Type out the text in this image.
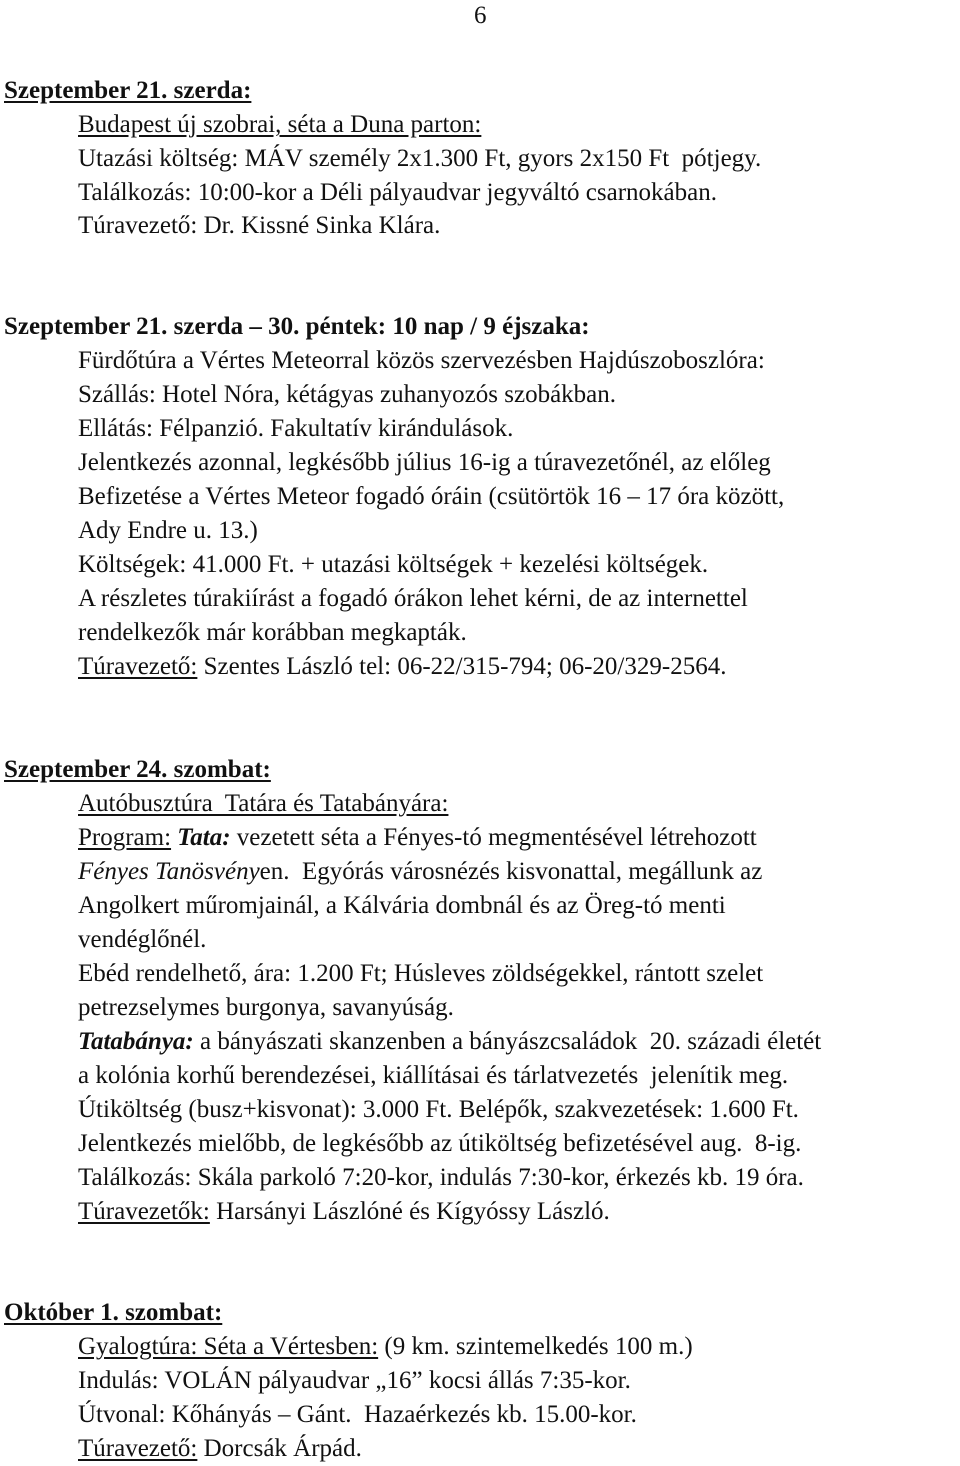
6
Szeptember 21. szerda:
Budapest új szobrai, séta a Duna parton:
Utazási költség: MÁV személy 2x1.300 Ft, gyors 2x150 Ft  pótjegy.
Találkozás: 10:00-kor a Déli pályaudvar jegyváltó csarnokában.
Túravezető: Dr. Kissné Sinka Klára.
Szeptember 21. szerda – 30. péntek: 10 nap / 9 éjszaka:
Fürdőtúra a Vértes Meteorral közös szervezésben Hajdúszoboszlóra:
Szállás: Hotel Nóra, kétágyas zuhanyozós szobákban.
Ellátás: Félpanzió. Fakultatív kirándulások.
Jelentkezés azonnal, legkésőbb július 16-ig a túravezetőnél, az előleg
Befizetése a Vértes Meteor fogadó óráin (csütörtök 16 – 17 óra között,
Ady Endre u. 13.)
Költségek: 41.000 Ft. + utazási költségek + kezelési költségek.
A részletes túrakiírást a fogadó órákon lehet kérni, de az internettel
rendelkezők már korábban megkapták.
Túravezető: Szentes László tel: 06-22/315-794; 06-20/329-2564.
Szeptember 24. szombat:
Autóbusztúra  Tatára és Tatabányára:
Program: Tata: vezetett séta a Fényes-tó megmentésével létrehozott
Fényes Tanösvényen.  Egyórás városnézés kisvonattal, megállunk az
Angolkert műromjainál, a Kálvária dombnál és az Öreg-tó menti
vendéglőnél.
Ebéd rendelhető, ára: 1.200 Ft; Húsleves zöldségekkel, rántott szelet
petrezselymes burgonya, savanyúság.
Tatabánya: a bányászati skanzenben a bányászcsaládok  20. századi életét
a kolónia korhű berendezései, kiállításai és tárlatvezetés  jelenítik meg.
Útiköltség (busz+kisvonat): 3.000 Ft. Belépők, szakvezetések: 1.600 Ft.
Jelentkezés mielőbb, de legkésőbb az útiköltség befizetésével aug.  8-ig.
Találkozás: Skála parkoló 7:20-kor, indulás 7:30-kor, érkezés kb. 19 óra.
Túravezetők: Harsányi Lászlóné és Kígyóssy László.
Október 1. szombat:
Gyalogtúra: Séta a Vértesben: (9 km. szintemelkedés 100 m.)
Indulás: VOLÁN pályaudvar „16” kocsi állás 7:35-kor.
Útvonal: Kőhányás – Gánt.  Hazaérkezés kb. 15.00-kor.
Túravezető: Dorcsák Árpád.
